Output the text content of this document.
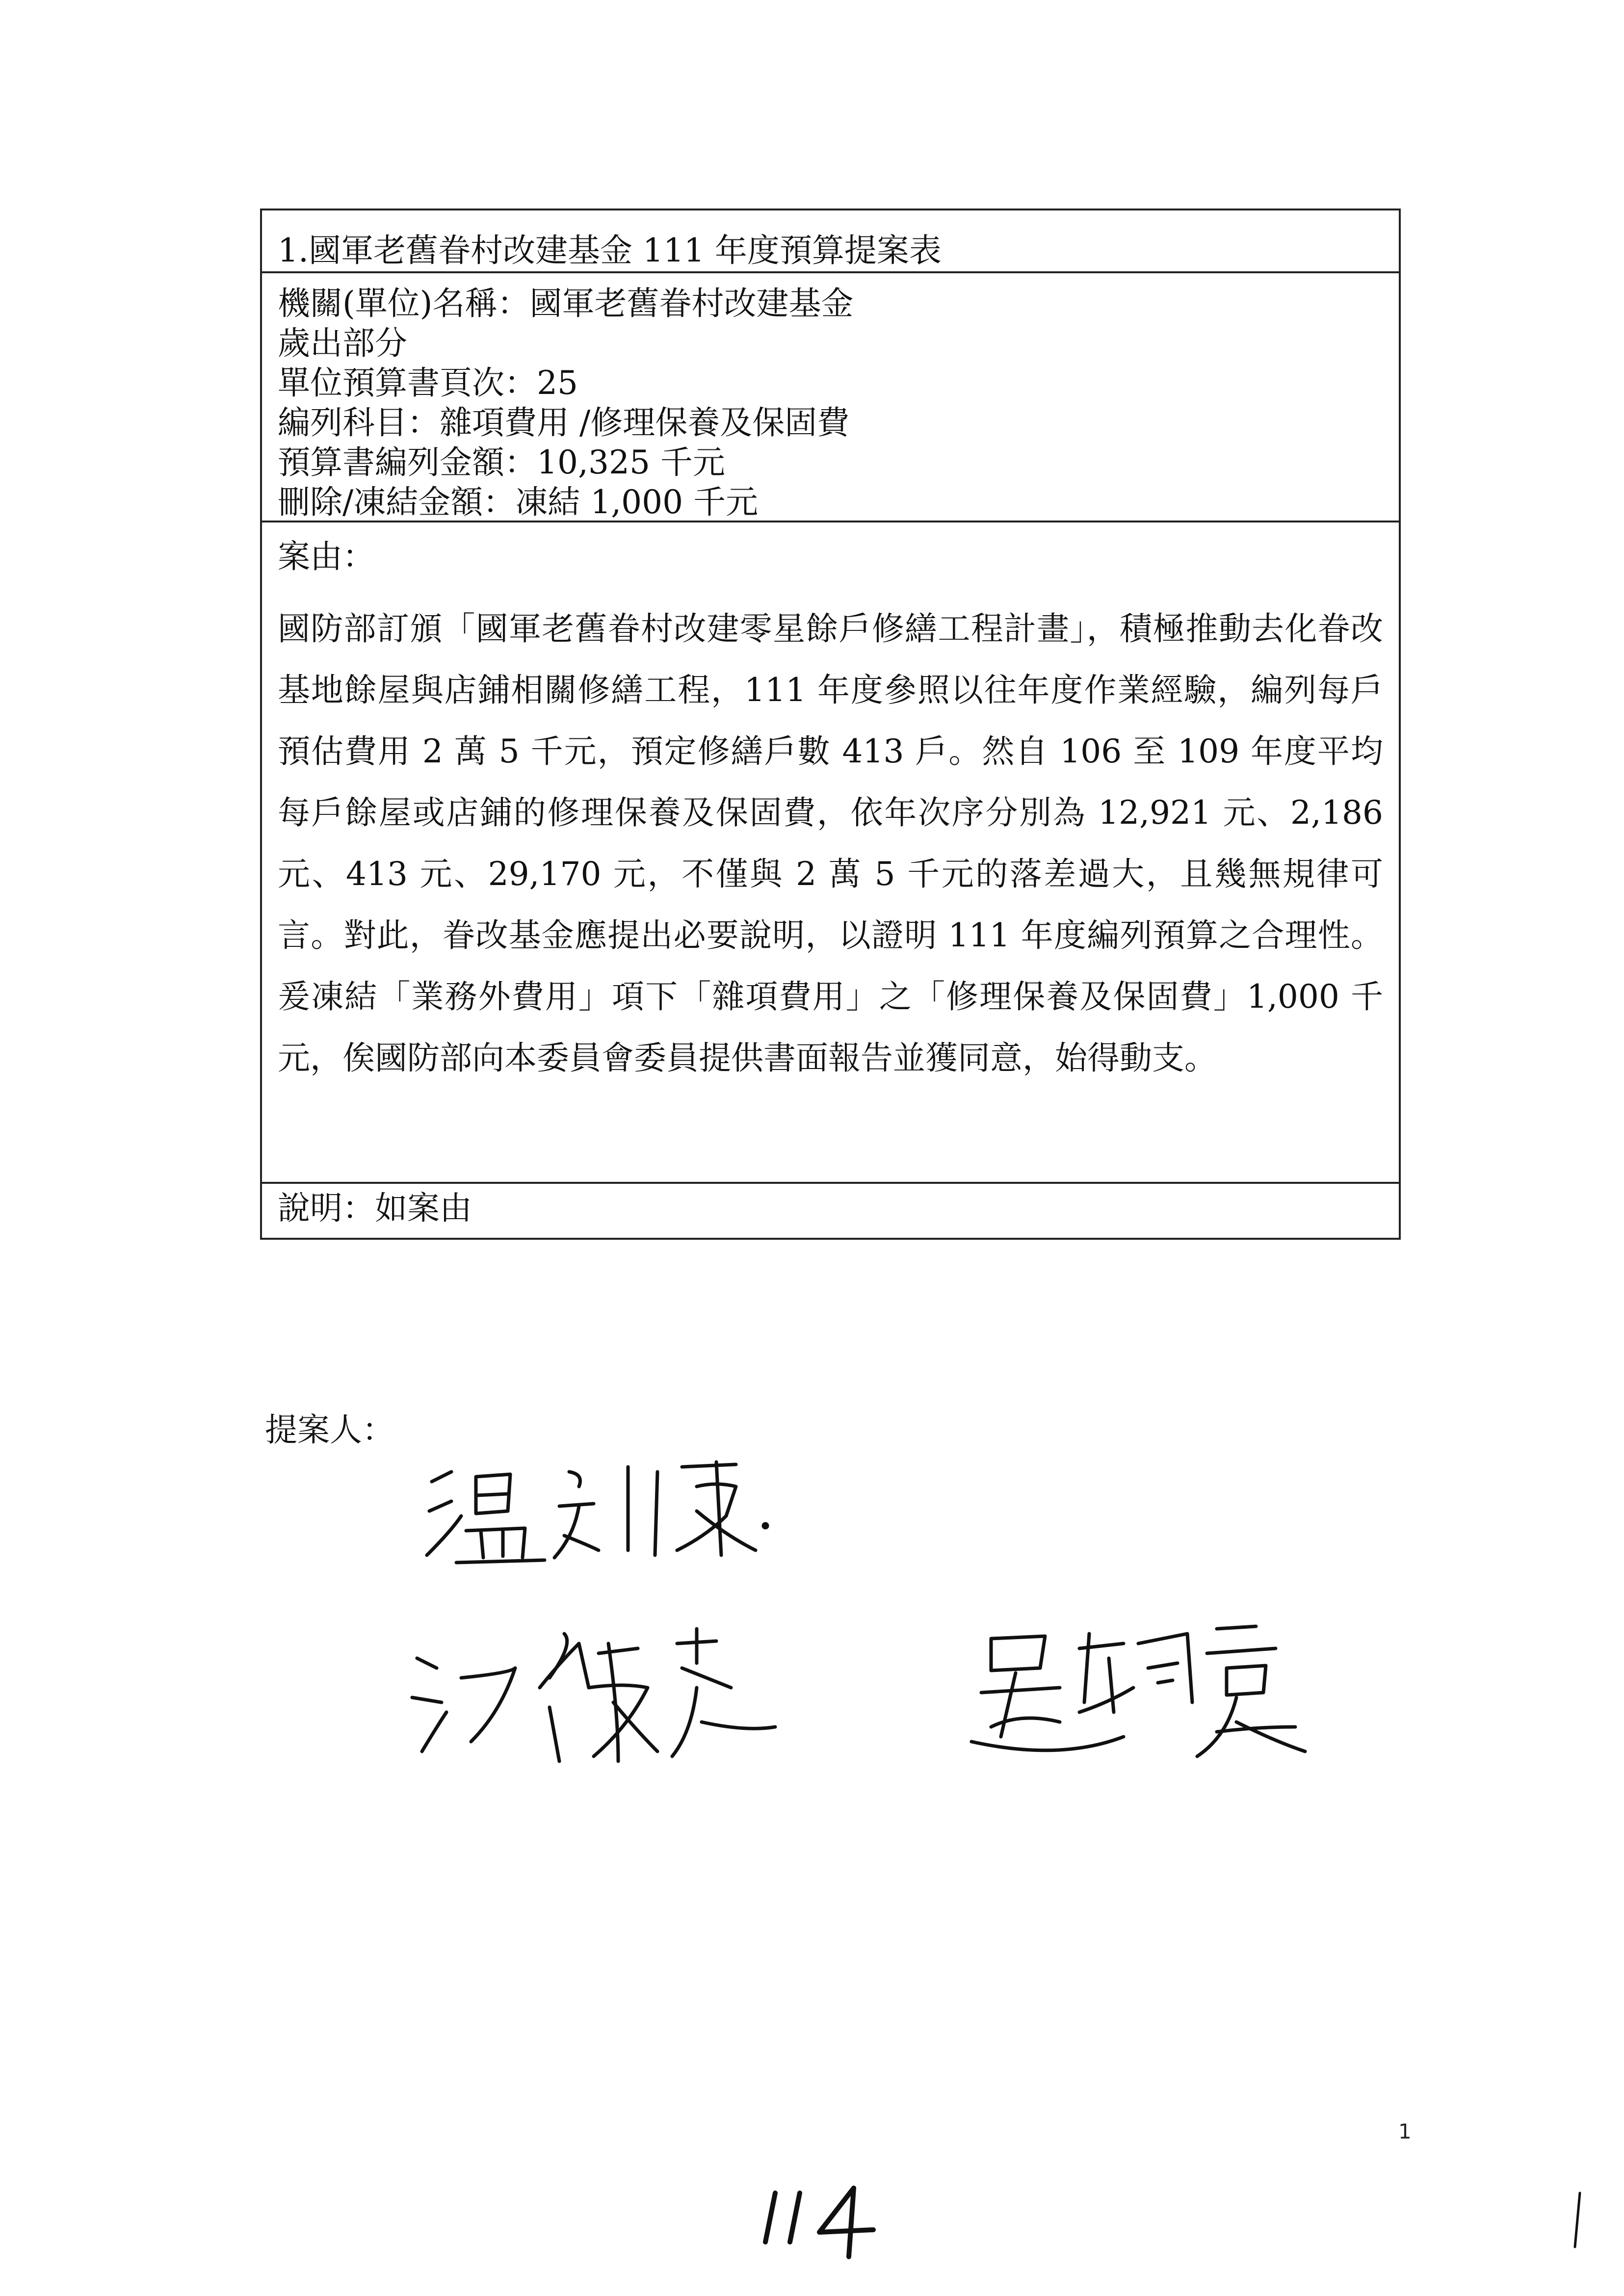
1.國軍老舊眷村改建基金 111 年度預算提案表
機關(單位)名稱：國軍老舊眷村改建基金
歲出部分
單位預算書頁次：25
編列科目：雜項費用 /修理保養及保固費
預算書編列金額：10,325 千元
刪除/凍結金額：凍結 1,000 千元
案由：
國防部訂頒「國軍老舊眷村改建零星餘戶修繕工程計畫」，積極推動去化眷改基地餘屋與店鋪相關修繕工程，111 年度參照以往年度作業經驗，編列每戶預估費用 2 萬 5 千元，預定修繕戶數 413 戶。然自 106 至 109 年度平均每戶餘屋或店鋪的修理保養及保固費，依年次序分別為 12,921 元、2,186 元、413 元、29,170 元，不僅與 2 萬 5 千元的落差過大，且幾無規律可言。對此，眷改基金應提出必要說明，以證明 111 年度編列預算之合理性。爰凍結「業務外費用」項下「雜項費用」之「修理保養及保固費」1,000 千元，俟國防部向本委員會委員提供書面報告並獲同意，始得動支。
說明：如案由
提案人：
1
